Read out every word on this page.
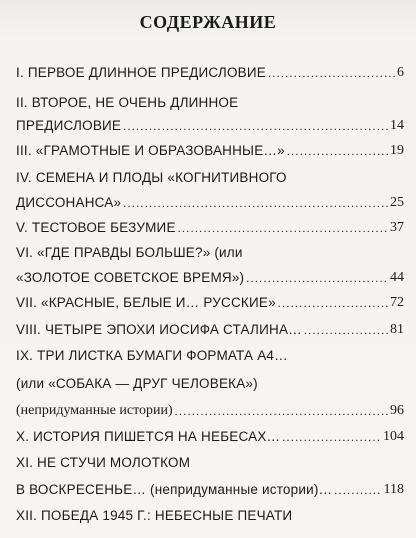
СОДЕРЖАНИЕ
I. ПЕРВОЕ ДЛИННОЕ ПРЕДИСЛОВИЕ .....	6
II. ВТОРОЕ, НЕ ОЧЕНЬ ДЛИННОЕ
ПРЕДИСЛОВИЕ .....	14
III. «ГРАМОТНЫЕ И ОБРАЗОВАННЫЕ…» .....	19
IV. СЕМЕНА И ПЛОДЫ «КОГНИТИВНОГО
ДИССОНАНСА» .....	25
V. ТЕСТОВОЕ БЕЗУМИЕ .....	37
VI. «ГДЕ ПРАВДЫ БОЛЬШЕ?» (или
«ЗОЛОТОЕ СОВЕТСКОЕ ВРЕМЯ») .....	44
VII. «КРАСНЫЕ, БЕЛЫЕ И… РУССКИЕ» .....	72
VIII. ЧЕТЫРЕ ЭПОХИ ИОСИФА СТАЛИНА… .....	81
IX. ТРИ ЛИСТКА БУМАГИ ФОРМАТА А4…
(или «СОБАКА — ДРУГ ЧЕЛОВЕКА»)
(непридуманные истории) .....	96
X. ИСТОРИЯ ПИШЕТСЯ НА НЕБЕСАХ… .....	104
XI. НЕ СТУЧИ МОЛОТКОМ
В ВОСКРЕСЕНЬЕ… (непридуманные истории)… .....	118
XII. ПОБЕДА 1945 Г.: НЕБЕСНЫЕ ПЕЧАТИ
